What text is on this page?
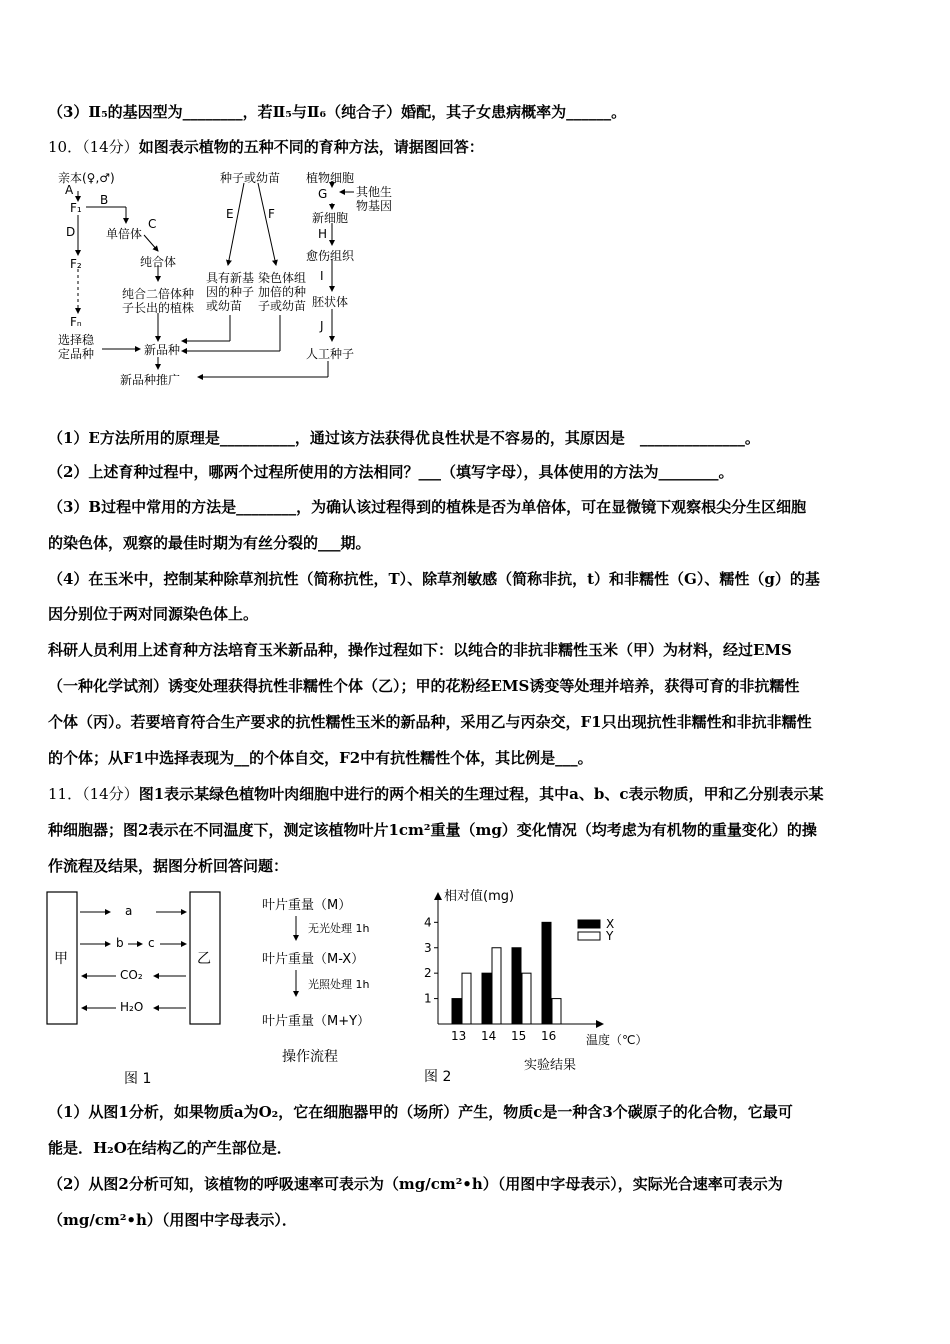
（3）Ⅱ₅的基因型为________，若Ⅱ₅与Ⅱ₆（纯合子）婚配，其子女患病概率为______。
10．（14分）如图表示植物的五种不同的育种方法，请据图回答：
亲本(♀,♂)
A
F₁
B
单倍体
C
D
F₂	纯合体
纯合二倍体种
子长出的植株
Fₙ
选择稳
定品种	新品种
新品种推广
种子或幼苗
E	F
具有新基
因的种子
或幼苗
染色体组
加倍的种
子或幼苗
植物细胞
G 其他生
物基因
新细胞
H
愈伤组织
I
胚状体
J
人工种子
（1）E方法所用的原理是__________，通过该方法获得优良性状是不容易的，其原因是　______________。
（2）上述育种过程中，哪两个过程所使用的方法相同？___（填写字母），具体使用的方法为________。
（3）B过程中常用的方法是________，为确认该过程得到的植株是否为单倍体，可在显微镜下观察根尖分生区细胞
的染色体，观察的最佳时期为有丝分裂的___期。
（4）在玉米中，控制某种除草剂抗性（简称抗性，T）、除草剂敏感（简称非抗，t）和非糯性（G）、糯性（g）的基
因分别位于两对同源染色体上。
科研人员利用上述育种方法培育玉米新品种，操作过程如下：以纯合的非抗非糯性玉米（甲）为材料，经过EMS
（一种化学试剂）诱变处理获得抗性非糯性个体（乙）；甲的花粉经EMS诱变等处理并培养，获得可育的非抗糯性
个体（丙）。若要培育符合生产要求的抗性糯性玉米的新品种，采用乙与丙杂交，F1只出现抗性非糯性和非抗非糯性
的个体；从F1中选择表现为__的个体自交，F2中有抗性糯性个体，其比例是___。
11．（14分）图1表示某绿色植物叶肉细胞中进行的两个相关的生理过程，其中a、b、c表示物质，甲和乙分别表示某
种细胞器；图2表示在不同温度下，测定该植物叶片1cm²重量（mg）变化情况（均考虑为有机物的重量变化）的操
作流程及结果，据图分析回答问题：
甲	乙
a
b c
CO₂
H₂O
图 1
叶片重量（M）
无光处理 1h
叶片重量（M-X）
光照处理 1h
叶片重量（M+Y）
操作流程
相对值(mg)
1
2
3
4
13 14 15 16 温度（℃）
X
Y
实验结果
图 2
（1）从图1分析，如果物质a为O₂，它在细胞器甲的（场所）产生，物质c是一种含3个碳原子的化合物，它最可
能是．H₂O在结构乙的产生部位是．
（2）从图2分析可知，该植物的呼吸速率可表示为（mg/cm²•h）（用图中字母表示），实际光合速率可表示为
（mg/cm²•h）（用图中字母表示）．
